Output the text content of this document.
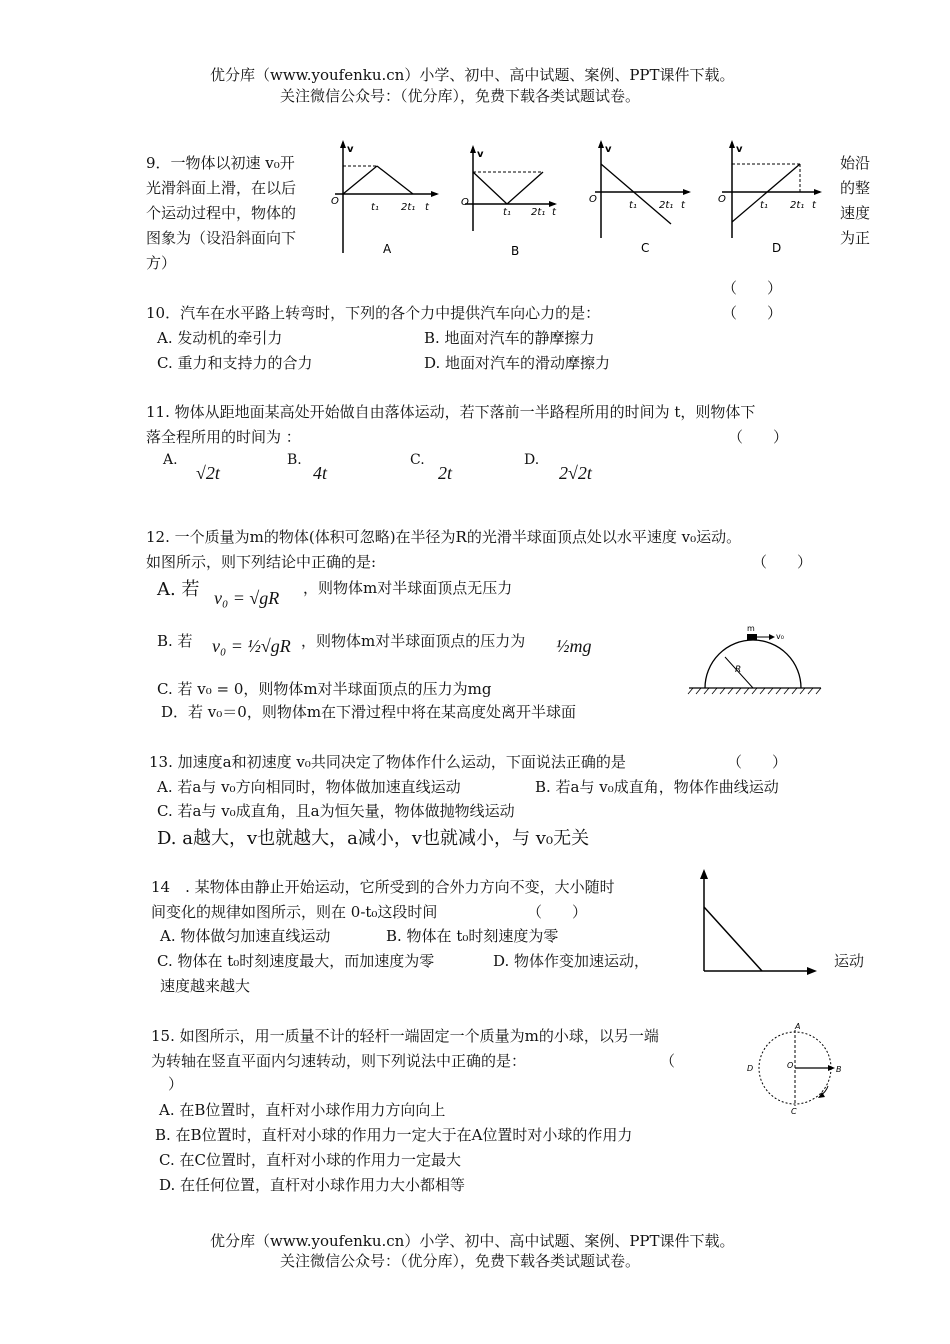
优分库（www.youfenku.cn）小学、初中、高中试题、案例、PPT课件下载。
关注微信公众号：（优分库），免费下载各类试题试卷。
9．一物体以初速 v₀开
光滑斜面上滑，在以后
个运动过程中，物体的
图象为（设沿斜面向下
方）
始沿
的整
速度
为正
（　　）
v
O
t₁ 2t₁ t
A
v
O
t₁ 2t₁ t
B
v
O
t₁ 2t₁ t
C
v
O
t₁ 2t₁ t
D
10．汽车在水平路上转弯时，下列的各个力中提供汽车向心力的是：	（　　）
A. 发动机的牵引力	B. 地面对汽车的静摩擦力
C. 重力和支持力的合力	D. 地面对汽车的滑动摩擦力
11. 物体从距地面某高处开始做自由落体运动，若下落前一半路程所用的时间为 t，则物体下
落全程所用的时间为 ：	（　　）
A.
√2t
B.
4t
C.
2t
D.
2√2t
12. 一个质量为m的物体(体积可忽略)在半径为R的光滑半球面顶点处以水平速度 v₀运动。
如图所示，则下列结论中正确的是:	（　　）
A. 若 v₀ = √gR ，则物体m对半球面顶点无压力
B. 若 v₀ = ½√gR ，则物体m对半球面顶点的压力为 ½mg
C. 若 v₀ = 0，则物体m对半球面顶点的压力为mg
D．若 v₀＝0，则物体m在下滑过程中将在某高度处离开半球面
m
v₀
R
13. 加速度a和初速度 v₀共同决定了物体作什么运动，下面说法正确的是	（　　）
A. 若a与 v₀方向相同时，物体做加速直线运动	B. 若a与 v₀成直角，物体作曲线运动
C. 若a与 v₀成直角，且a为恒矢量，物体做抛物线运动
D. a越大，v也就越大，a减小，v也就减小，与 v₀无关
14　. 某物体由静止开始运动，它所受到的合外力方向不变，大小随时
间变化的规律如图所示，则在 0-t₀这段时间	（　　）
A. 物体做匀加速直线运动	B. 物体在 t₀时刻速度为零
C. 物体在 t₀时刻速度最大，而加速度为零	D. 物体作变加速运动，	运动
速度越来越大
15. 如图所示，用一质量不计的轻杆一端固定一个质量为m的小球，以另一端
为转轴在竖直平面内匀速转动，则下列说法中正确的是：	（
）
A. 在B位置时，直杆对小球作用力方向向上
B. 在B位置时，直杆对小球的作用力一定大于在A位置时对小球的作用力
C. 在C位置时，直杆对小球的作用力一定最大
D. 在任何位置，直杆对小球作用力大小都相等
A
B
C
D	O
优分库（www.youfenku.cn）小学、初中、高中试题、案例、PPT课件下载。
关注微信公众号：（优分库），免费下载各类试题试卷。
